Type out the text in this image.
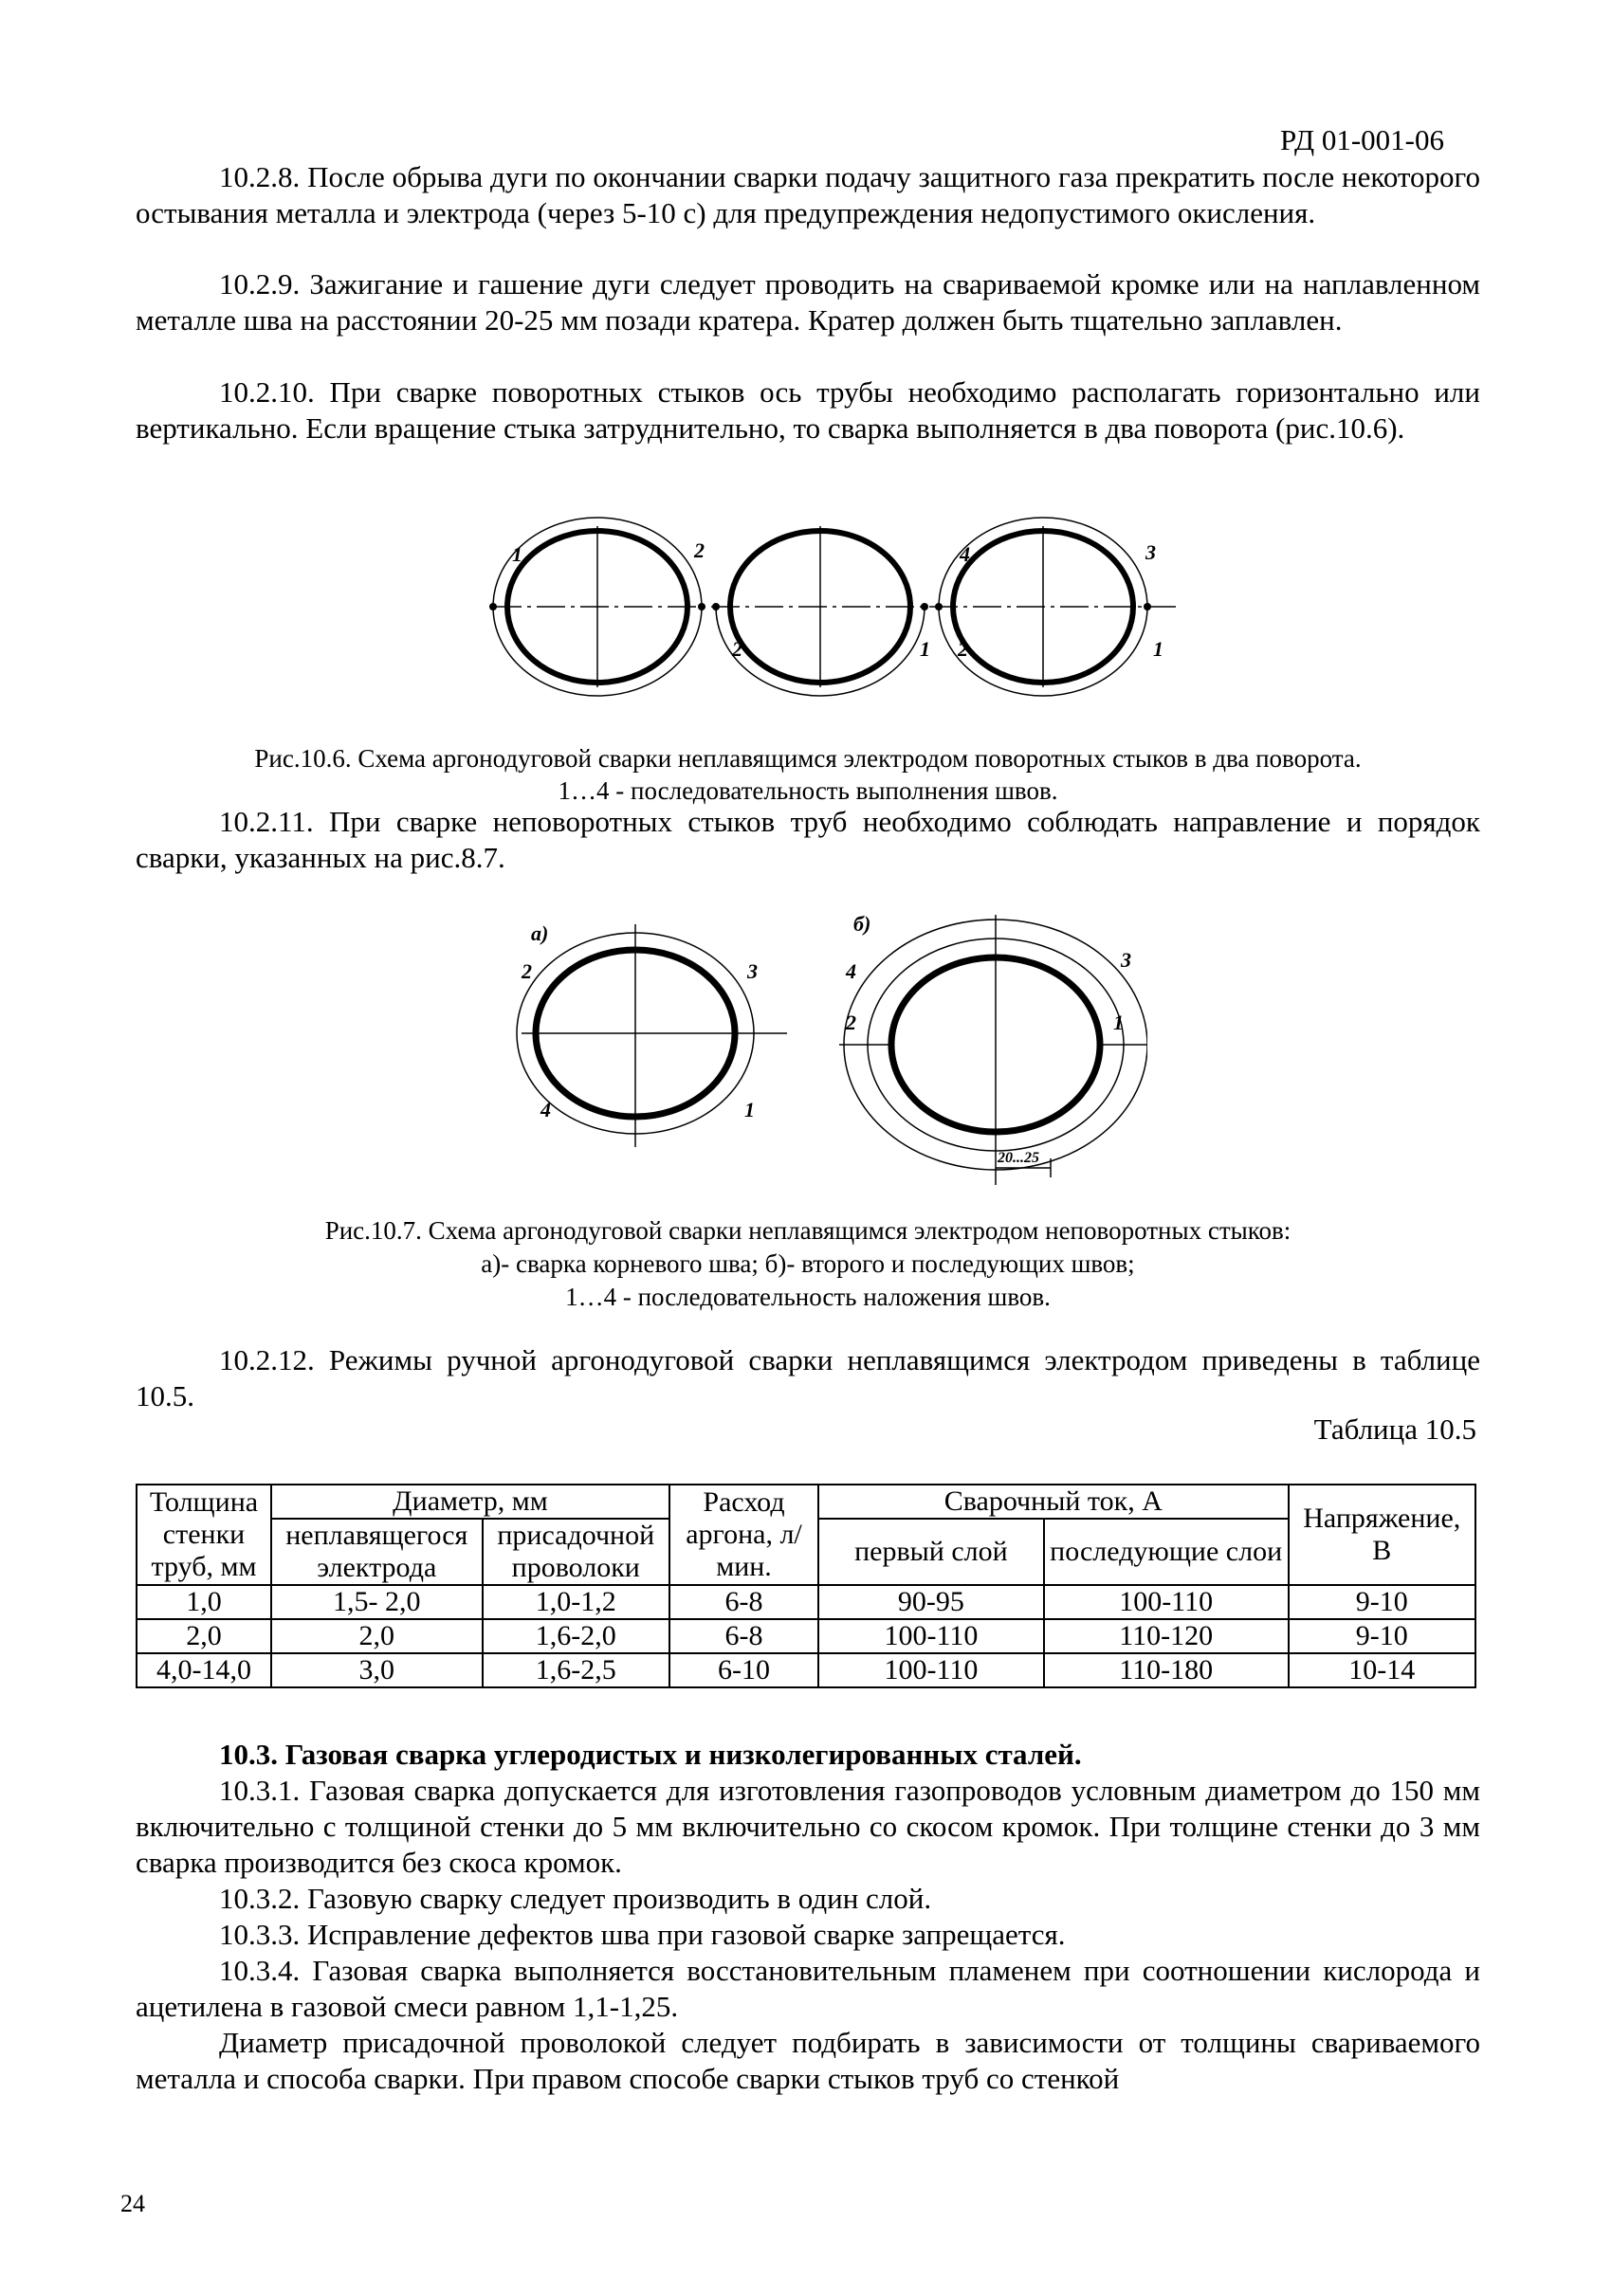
РД 01-001-06
10.2.8. После обрыва дуги по окончании сварки подачу защитного газа прекратить после некоторого остывания металла и электрода (через 5-10 с) для предупреждения недопустимого окисления.
10.2.9. Зажигание и гашение дуги следует проводить на свариваемой кромке или на наплавленном металле шва на расстоянии 20-25 мм позади кратера. Кратер должен быть тщательно заплавлен.
10.2.10. При сварке поворотных стыков ось трубы необходимо располагать горизонтально или вертикально. Если вращение стыка затруднительно, то сварка выполняется в два поворота (рис.10.6).
1	2
2	1
4	3
2	1
Рис.10.6. Схема аргонодуговой сварки неплавящимся электродом поворотных стыков в два поворота.
1…4 - последовательность выполнения швов.
10.2.11. При сварке неповоротных стыков труб необходимо соблюдать направление и порядок сварки, указанных на рис.8.7.
а)
2	3
4	1
б)
4	3
2	1
20...25
Рис.10.7. Схема аргонодуговой сварки неплавящимся электродом неповоротных стыков:
а)- сварка корневого шва; б)- второго и последующих швов;
1…4 - последовательность наложения швов.
10.2.12. Режимы ручной аргонодуговой сварки неплавящимся электродом приведены в таблице 10.5.
Таблица 10.5
Толщина стенки труб, мм	Диаметр, мм		Расход аргона, л/мин.	Сварочный ток, А		Напряжение, В
	неплавящегося электрода	присадочной проволоки		первый слой	последующие слои	
1,0	1,5- 2,0	1,0-1,2	6-8	90-95	100-110	9-10
2,0	2,0	1,6-2,0	6-8	100-110	110-120	9-10
4,0-14,0	3,0	1,6-2,5	6-10	100-110	110-180	10-14
10.3. Газовая сварка углеродистых и низколегированных сталей.
10.3.1. Газовая сварка допускается для изготовления газопроводов условным диаметром до 150 мм включительно с толщиной стенки до 5 мм включительно со скосом кромок. При толщине стенки до 3 мм сварка производится без скоса кромок.
10.3.2. Газовую сварку следует производить в один слой.
10.3.3. Исправление дефектов шва при газовой сварке запрещается.
10.3.4. Газовая сварка выполняется восстановительным пламенем при соотношении кислорода и ацетилена в газовой смеси равном 1,1-1,25.
Диаметр присадочной проволокой следует подбирать в зависимости от толщины свариваемого металла и способа сварки. При правом способе сварки стыков труб со стенкой
24
